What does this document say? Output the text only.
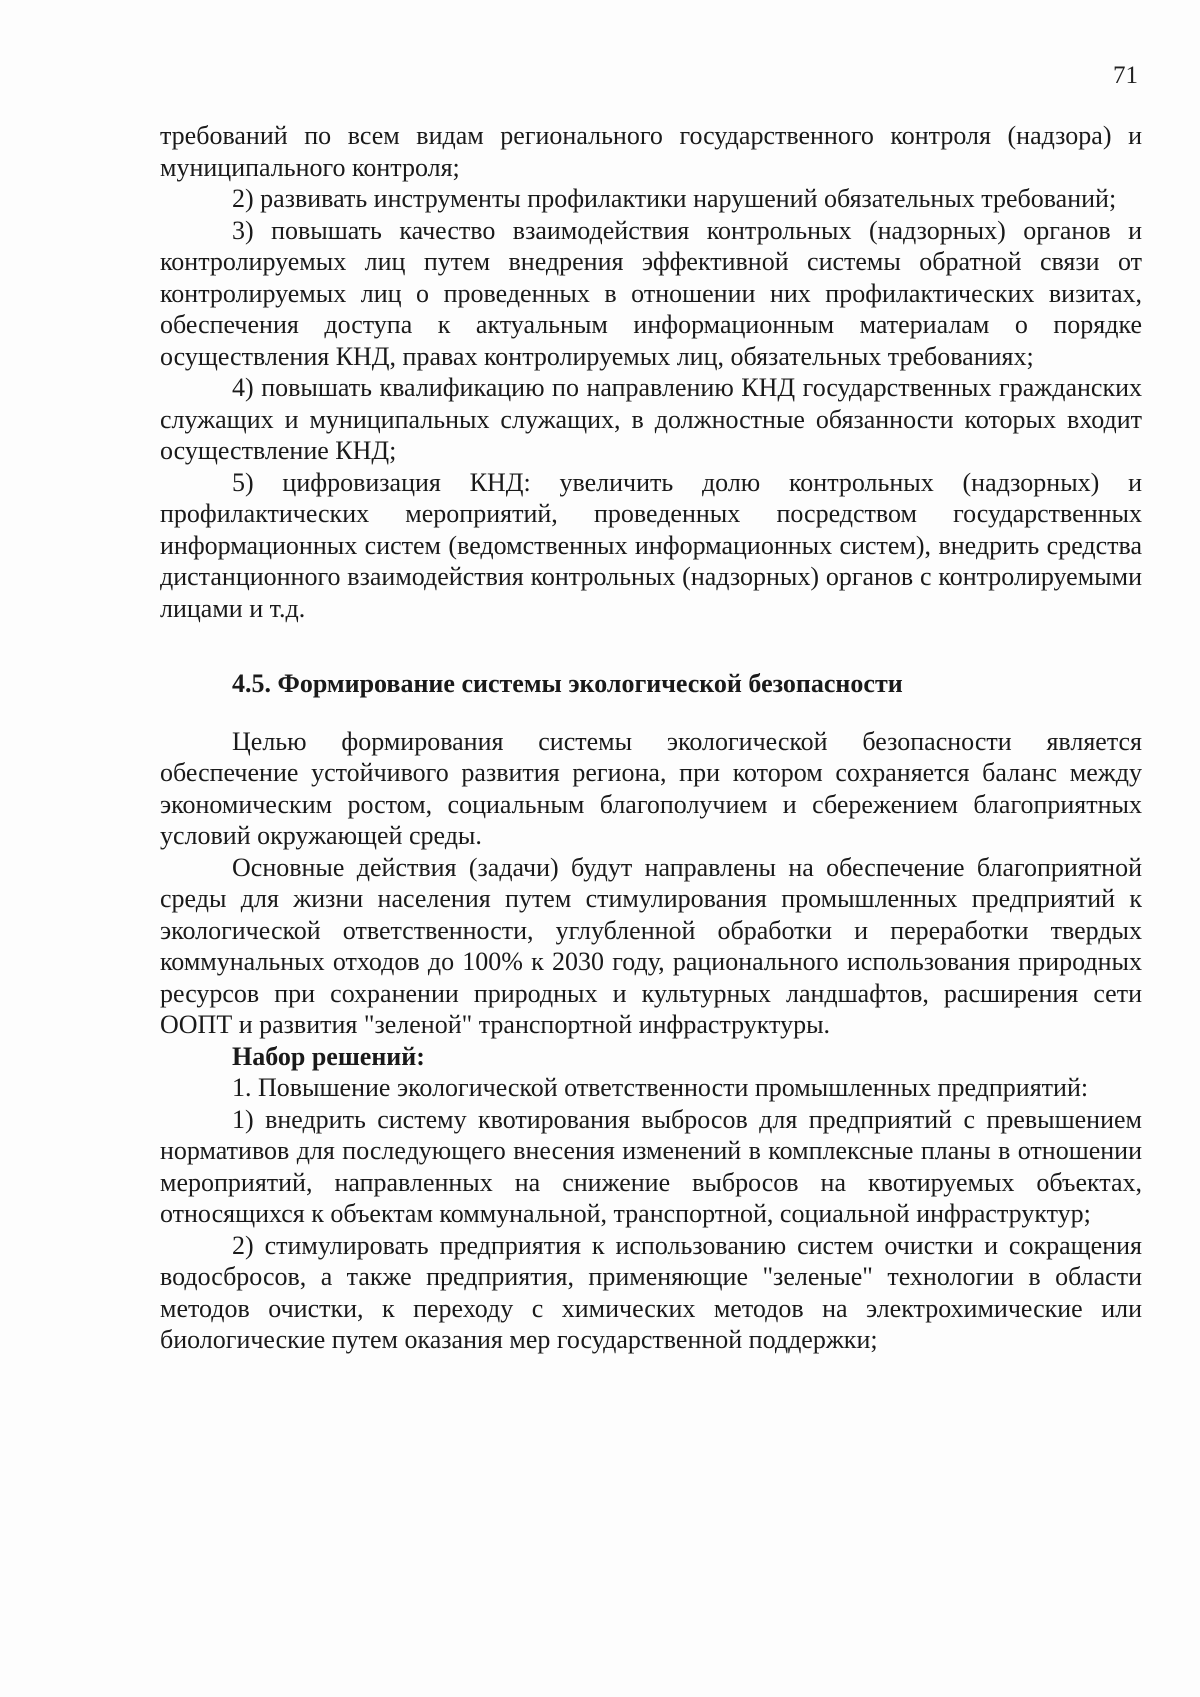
71

требований по всем видам регионального государственного контроля (надзора) и муниципального контроля;

2) развивать инструменты профилактики нарушений обязательных требований;

3) повышать качество взаимодействия контрольных (надзорных) органов и контролируемых лиц путем внедрения эффективной системы обратной связи от контролируемых лиц о проведенных в отношении них профилактических визитах, обеспечения доступа к актуальным информационным материалам о порядке осуществления КНД, правах контролируемых лиц, обязательных требованиях;

4) повышать квалификацию по направлению КНД государственных гражданских служащих и муниципальных служащих, в должностные обязанности которых входит осуществление КНД;

5) цифровизация КНД: увеличить долю контрольных (надзорных) и профилактических мероприятий, проведенных посредством государственных информационных систем (ведомственных информационных систем), внедрить средства дистанционного взаимодействия контрольных (надзорных) органов с контролируемыми лицами и т.д.

4.5. Формирование системы экологической безопасности

Целью формирования системы экологической безопасности является обеспечение устойчивого развития региона, при котором сохраняется баланс между экономическим ростом, социальным благополучием и сбережением благоприятных условий окружающей среды.

Основные действия (задачи) будут направлены на обеспечение благоприятной среды для жизни населения путем стимулирования промышленных предприятий к экологической ответственности, углубленной обработки и переработки твердых коммунальных отходов до 100% к 2030 году, рационального использования природных ресурсов при сохранении природных и культурных ландшафтов, расширения сети ООПТ и развития "зеленой" транспортной инфраструктуры.

Набор решений:

1. Повышение экологической ответственности промышленных предприятий:

1) внедрить систему квотирования выбросов для предприятий с превышением нормативов для последующего внесения изменений в комплексные планы в отношении мероприятий, направленных на снижение выбросов на квотируемых объектах, относящихся к объектам коммунальной, транспортной, социальной инфраструктур;

2) стимулировать предприятия к использованию систем очистки и сокращения водосбросов, а также предприятия, применяющие "зеленые" технологии в области методов очистки, к переходу с химических методов на электрохимические или биологические путем оказания мер государственной поддержки;
